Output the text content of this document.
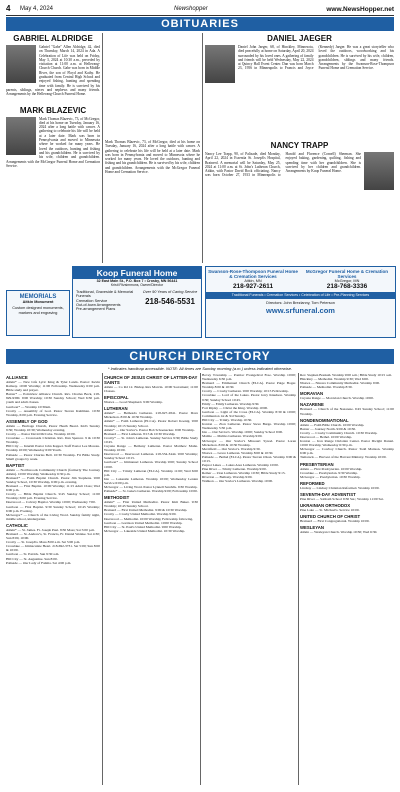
4 May 4, 2024	Newshopper	www.NewsHopper.net
OBITUARIES
GABRIEL ALDRIDGE
Gabriel "Gabe" Allen Aldridge, 42, died on Thursday, March 14, 2024 in Ada. A Celebration of Life was held on Friday, May 3, 2024 at 10:30 a.m., preceded by visitation at 11:00 a.m. at Hellevang-Church Church. Gabe was born in Middle River, the son of Floyd and Kathy. He graduated from Central High School and enjoyed fishing, hunting and spending time with family. He is survived by his parents, siblings, nieces and nephews and many friends. Arrangements by the Hellevang-Church Funeral Home.
MARK BLAZEVIC
Mark Thomas Blazevic, 73, of McGregor, died at his home on Tuesday, January 16, 2024 after a long battle with cancer. A gathering to celebrate his life will be held at a later date. Mark was born in Pennsylvania and moved to Minnesota where he worked for many years. He loved the outdoors, hunting and fishing and his grandchildren. He is survived by his wife, children and grandchildren. Arrangements with the McGregor Funeral Home and Cremation Service.
MEMORIALS
Aitkin Monument
Custom designed monuments, markers and engraving
Mark Thomas Blazevic, 73, of McGregor, died at his home on Tuesday, January 16, 2024 after a long battle with cancer. A gathering to celebrate his life will be held at a later date. Mark was born in Pennsylvania and moved to Minnesota where he worked for many years. He loved the outdoors, hunting and fishing and his grandchildren. He is survived by his wife, children and grandchildren. Arrangements with the McGregor Funeral Home and Cremation Service.
DANIEL JAEGER
Daniel John Jaeger, 68, of Hinckley, Minnesota, died peacefully at home on Saturday, April 20, 2024 surrounded by his loved ones. A gathering of family and friends will be held Wednesday, May 22, 2024 at Quincy Hall Event Center. Dan was born March 23, 1956 in Minneapolis to Francis and Joyce (Kennedy) Jaeger. He was a great storyteller who loved the outdoors, woodworking and his grandchildren. He is survived by his wife, children, grandchildren, siblings and many friends. Arrangements by the Swanson-Rose-Thompson Funeral Home and Cremation Service.
NANCY TRAPP
Nancy Lee Trapp, 90, of Palisade, died Monday, April 22, 2024 in Essentia St. Joseph's Hospital, Brainerd. A memorial will be Saturday, May 25, 2024 at 11:00 a.m. at St. John's Lutheran Church, Aitkin, with Pastor David Bock officiating. Nancy was born October 27, 1933 in Minneapolis to Harold and Florence (Cornell) Sherman. She enjoyed baking, gardening, quilting, fishing and spending time with her grandchildren. She is survived by her children and grandchildren. Arrangements by Koop Funeral Home.
Koop Funeral Home
32 East Main St., P.O. Box 7 • Crosby, MN 56441
Kristi Fitzsimmons, Owner/Director
Traditional, Graveside & Memorial Funerals
Cremation Service
Out-of-town Arrangements
Pre-arrangement Plans
Over 90 Years of Caring Service
218-546-5531
Swanson-Rose-Thompson Funeral Home & Cremation Services
Aitkin, MN
218-927-2611
McGregor Funeral Home & Cremation Services
McGregor, MN
218-768-3336
Traditional Funerals • Cremation Services • Celebration of Life • Pre-Planning Services
Directors: John Brezlanny, Tom Peterson
www.srfuneral.com
CHURCH DIRECTORY
* Indicates handicap accessible. NOTE: All times are Sunday morning (a.m.) unless indicated otherwise.
ALLIANCE
Aitkin* — New Life Lyric King & Tyler Lands. Pastor: Kevin Ramsay. 10:00 Worship; 11:00 Fellowship. Wednesday 6:00 p.m. Bible study and prayer.
Baxter* — Pointview Alliance Church. Rev. Charles Beck, 218-829-9390. 9:00 Worship; 10:30 Sunday School; Wed 6:30 p.m. youth and adult classes.
Garrison* — Worship 10:30am.
Crosby — Assembly of God. Pastor Steven Kuhlman. 10:30 Worship, 6:00 p.m. Evening Service.
ASSEMBLY OF GOD
Aitkin — Heritage Church, Pastor Heath Beard. Kid's Sunday 9:30; Worship 10:30; Wednesday evening.
Crosby — Pastor David McCabe. Worship 10:00.
Crosslake — Crossroads Christian. Rev. Dan Spencer. 9 & 10:30 Worship.
Hill City — Interim Pastor John Kappel. Staff Pastor Lee Moreau. Worship 10:00; Wednesday 6:00 Youth.
Palisade — Pastor Charles Bell. 10:30 Worship. Fri Bible Study. Small groups by week.
BAPTIST
Aitkin — Northwoods Community Church (formerly The Journey Aitkin). 10:00 Worship; Wednesday 6:30 p.m.
Brainerd* — Faith Baptist Church. Pastor Jim Stephens. 9:00 Sunday School, 10:30 Worship, 6:00 p.m. evening.
Brainerd — First Baptist. 10:00 Worship; 11:15 Adult Class; Wed 6:00 p.m.
Crosby — Bible Baptist Church. 9:45 Sunday School; 11:00 Worship; 6:00 p.m. Evening Service.
Deerwood — Calvary Baptist. Worship 10:00; Wednesday 7:00.
Garrison — First Baptist. 9:30 Sunday School; 10:45 Worship; 6:00 p.m. Evening.
McGregor* — Church of the Living Word. Sunday family night, middle school, kindergarten.
CATHOLIC
Aitkin* — St. James. Fr. Joseph Paul. 8:30 Mass; Sat 5:00 p.m.
Brainerd — St. Andrew's, St. Francis, Fr. Daniel Weiske. Sat 4:30; Sun 8:00, 10:00.
Crosby — St. Joseph's. Mass 8:00 a.m. Sat 5:00 p.m.
Crosslake — Immaculate Heart. 218-692-3731. Sat 5:00; Sun 8:00 & 10:00.
Garrison — St. Patrick. Sun 9:30 a.m.
Hill City — St. Augustine. Sun 8:00.
Palisade — Our Lady of Fatima. Sat 4:00 p.m.
CHURCH OF JESUS CHRIST OF LATTER-DAY SAINTS
Aitkin — Co Rd 12. Bishop Rex Marvin. 10:00 Sacrament; 11:00 Classes.
EPISCOPAL
Nisswa — Good Shepherd. 9:00 Worship.
LUTHERAN
Aitkin* — Bethesda Lutheran. 218-927-2841. Pastor Dave Mickelson. 8:00 & 10:30 Worship.
Aitkin* — Faith Lutheran (ELCA). Pastor Robert Koenig. 9:00 Worship; 10:15 Sunday School.
Aitkin* — Our Savior's. Pastor Bob Schoenecker. 9:00 Worship.
Brainerd — First Lutheran. 8:15 & 10:30 Worship.
Crosby* — St. John's Lutheran. Sunday Service 9:30; Bible Study 10:45.
Cuyuna Range — Bethany Lutheran. Pastor Matthew Mohn. Worship 10:00.
Deerwood — Deerwood Lutheran. 218-534-3444. 9:00 Worship; Sunday School 10:15.
Garrison* — Immanuel Lutheran. Worship 9:00; Sunday School 10:00.
Hill City — Trinity Lutheran (ELCA). Worship 11:00; Wed 6:00 p.m.
Isle — Lakeside Lutheran. Worship 10:00; Wednesday Lenten Service 6:00 p.m.
McGregor — Living Word. Pastor Lynnell Sandvik. 9:30 Worship.
Palisade* — St. Luke's Lutheran. Worship 9:00; Fellowship 10:00.
METHODIST
Aitkin* — First United Methodist. Pastor Kim Baker. 9:30 Worship; 10:45 Sunday School.
Brainerd — First United Methodist. 9:00 & 10:30 Worship.
Crosby — Crosby United Methodist. Worship 9:00.
Deerwood — Methodist. 10:00 Worship; Fellowship following.
Garrison — Garrison United Methodist. 10:00 Worship.
Hill City — St. Paul's United Methodist. 9:00 Worship.
McGregor — Lakeside United Methodist. 10:30 Worship.
Bovey Township — Pontiac Evangelical Free. Worship 10:00; Wednesday 6:30 p.m.
Brainerd — Emmanuel Church (ELCA). Pastor Paige Boger. Worship 8:00 & 10:30.
Crosby — Crosby Lutheran. 9:00 Worship; 10:15 Fellowship.
Crosslake — Lord of the Lakes. Pastor Jerry Knudson. Worship 9:30; Sunday School 10:45.
Emily — Emily Lutheran. Worship 9:30.
Fort Ripley — Christ the King. Worship 10:00.
Garrison — Light of the Cross (ELCA). Worship 8:30 & 10:00; Communion 1st & 3rd Sunday.
Hill City — Trinity. Worship 10:30.
Ironton — Zion Lutheran. Pastor Steve Burge. Worship 10:00; Wednesday 5:30 p.m.
Isle — Our Savior's. Worship 10:00; Sunday School 9:00.
Malmo — Malmo Lutheran. Worship 9:00.
McGregor — Our Savior's Missouri Synod. Pastor Loren Mickelson. 8:00 & 10:30 Worship.
Merrifield — Our Savior's. Worship 9:30.
Nisswa — Grace Lutheran. Worship 8:00 & 10:30.
Palisade — Bethel (ELCA). Pastor Steven Olson. Worship 9:00 & 10:15.
Pequot Lakes — Lakes Area Lutheran. Worship 10:00.
Pine River — Trinity Lutheran. Worship 9:00.
Remer — Zion Lutheran. Worship 10:30; Bible Study 9:15.
Riverton — Bethany. Worship 9:00.
Wahkon — Our Savior's Lutheran. Worship 10:00.
Rev. Stephen Bonkuh. Worship 9:00 a.m.; Bible Study 10:15 a.m.
Hinckley — Methodist. Worship 9:30; Wed 6:00.
Nisswa — Nisswa Community Methodist. Worship 9:00.
Palisade — Methodist. Worship 8:30.
MORAVIAN
Cuyuna Range — Moravian Church. Worship 10:00.
NAZARENE
Brainerd — Church of the Nazarene. 9:45 Sunday School; 11:00 Worship.
NONDENOMINATIONAL
Aitkin — Faith Bible Church. 10:00 Worship.
Baxter — Journey North. 9:00 & 10:30.
Crosby — Crosby Community Church. 10:30 Worship.
Deerwood — Bethel. 10:00 Worship.
Ironton — Iron Range Christian Center. Pastor Dwight Daniel. 10:00 Worship; Wednesday 6:30 p.m.
McGregor — Cowboy Church. Pastor Todd Mattson. Worship 6:00 p.m.
Tamarack — Harvest of the Harvest Ministry. Worship 10:00.
PRESBYTERIAN
Aitkin — First Presbyterian. 10:00 Worship.
Crosslake — Presbyterian. 9:30 Worship.
McGregor — Presbyterian. 10:30 Worship.
REFORMED
Lindsay — Lindsay Christian Reformed. Worship 10:00.
SEVENTH-DAY ADVENTIST
Pine River — Sabbath School 9:30 Sat.; Worship 11:00 Sat.
UKRAINIAN ORTHODOX
Pine Lake — St. Michael's. Service 10:00.
UNITED CHURCH OF CHRIST
Brainerd — First Congregational. Worship 10:00.
WESLEYAN
Aitkin — Wesleyan Church. Worship 10:30; Wed 6:30.
